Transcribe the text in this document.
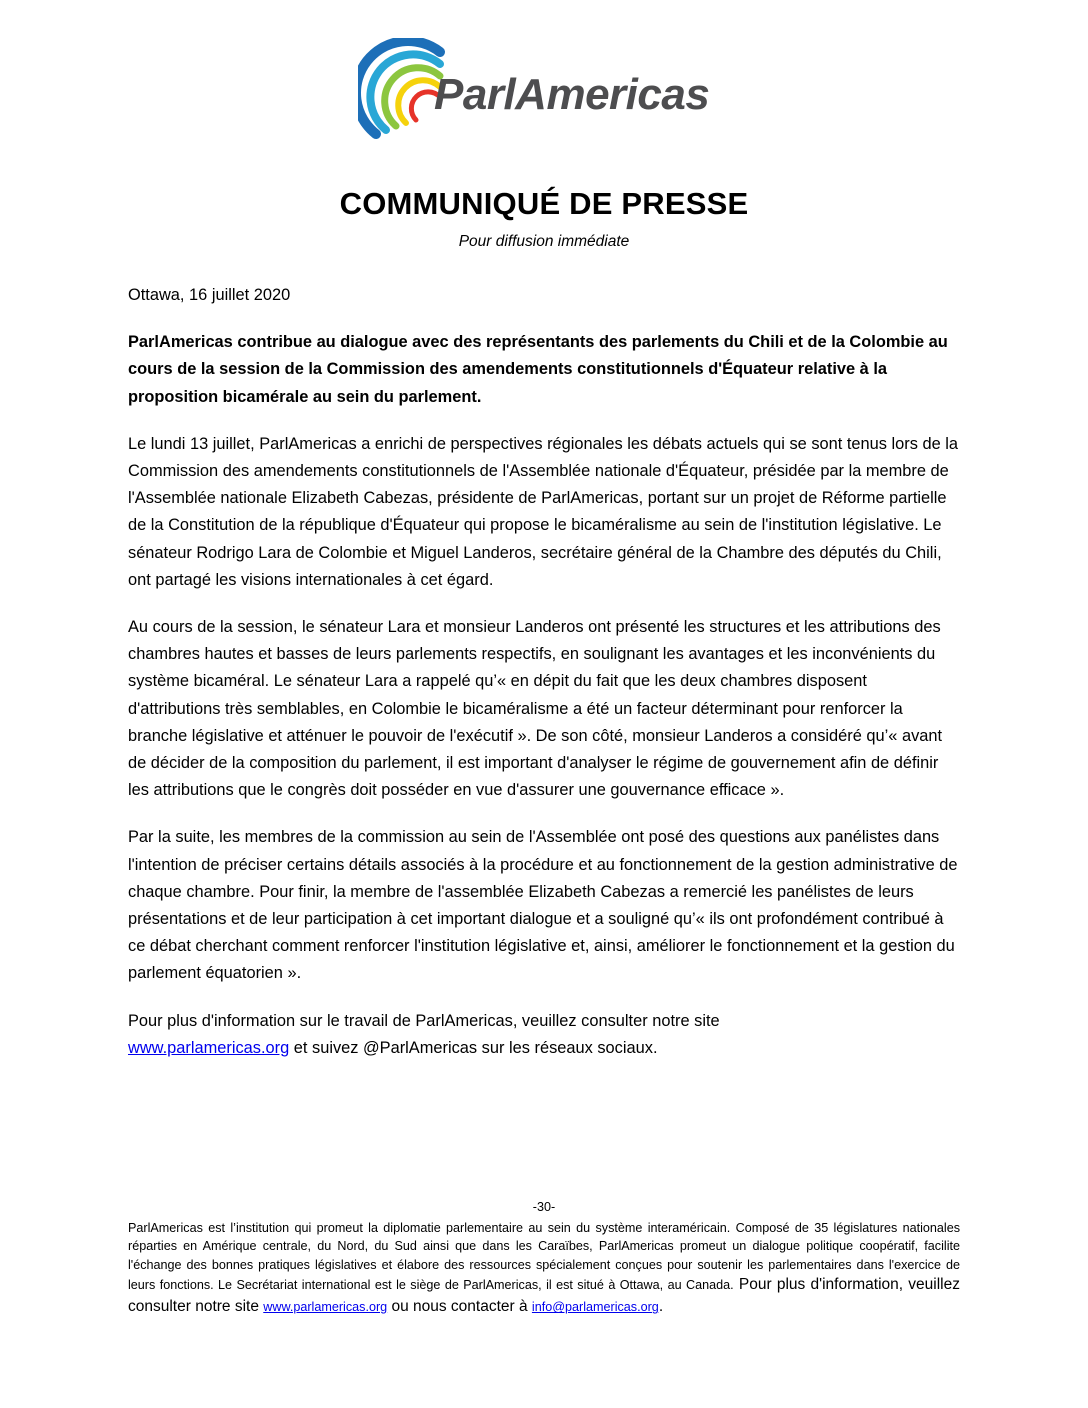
ParlAmericas
COMMUNIQUÉ DE PRESSE
Pour diffusion immédiate

Ottawa, 16 juillet 2020

ParlAmericas contribue au dialogue avec des représentants des parlements du Chili et de la Colombie au cours de la session de la Commission des amendements constitutionnels d'Équateur relative à la proposition bicamérale au sein du parlement.

Le lundi 13 juillet, ParlAmericas a enrichi de perspectives régionales les débats actuels qui se sont tenus lors de la Commission des amendements constitutionnels de l'Assemblée nationale d'Équateur, présidée par la membre de l'Assemblée nationale Elizabeth Cabezas, présidente de ParlAmericas, portant sur un projet de Réforme partielle de la Constitution de la république d'Équateur qui propose le bicaméralisme au sein de l'institution législative. Le sénateur Rodrigo Lara de Colombie et Miguel Landeros, secrétaire général de la Chambre des députés du Chili, ont partagé les visions internationales à cet égard.

Au cours de la session, le sénateur Lara et monsieur Landeros ont présenté les structures et les attributions des chambres hautes et basses de leurs parlements respectifs, en soulignant les avantages et les inconvénients du système bicaméral. Le sénateur Lara a rappelé qu’« en dépit du fait que les deux chambres disposent d'attributions très semblables, en Colombie le bicaméralisme a été un facteur déterminant pour renforcer la branche législative et atténuer le pouvoir de l'exécutif ». De son côté, monsieur Landeros a considéré qu’« avant de décider de la composition du parlement, il est important d'analyser le régime de gouvernement afin de définir les attributions que le congrès doit posséder en vue d'assurer une gouvernance efficace ».

Par la suite, les membres de la commission au sein de l'Assemblée ont posé des questions aux panélistes dans l'intention de préciser certains détails associés à la procédure et au fonctionnement de la gestion administrative de chaque chambre. Pour finir, la membre de l'assemblée Elizabeth Cabezas a remercié les panélistes de leurs présentations et de leur participation à cet important dialogue et a souligné qu’« ils ont profondément contribué à ce débat cherchant comment renforcer l'institution législative et, ainsi, améliorer le fonctionnement et la gestion du parlement équatorien ».

Pour plus d'information sur le travail de ParlAmericas, veuillez consulter notre site
www.parlamericas.org et suivez @ParlAmericas sur les réseaux sociaux.

-30-
ParlAmericas est l’institution qui promeut la diplomatie parlementaire au sein du système interaméricain. Composé de 35 législatures nationales réparties en Amérique centrale, du Nord, du Sud ainsi que dans les Caraïbes, ParlAmericas promeut un dialogue politique coopératif, facilite l'échange des bonnes pratiques législatives et élabore des ressources spécialement conçues pour soutenir les parlementaires dans l'exercice de leurs fonctions. Le Secrétariat international est le siège de ParlAmericas, il est situé à Ottawa, au Canada. Pour plus d'information, veuillez consulter notre site www.parlamericas.org ou nous contacter à info@parlamericas.org.
